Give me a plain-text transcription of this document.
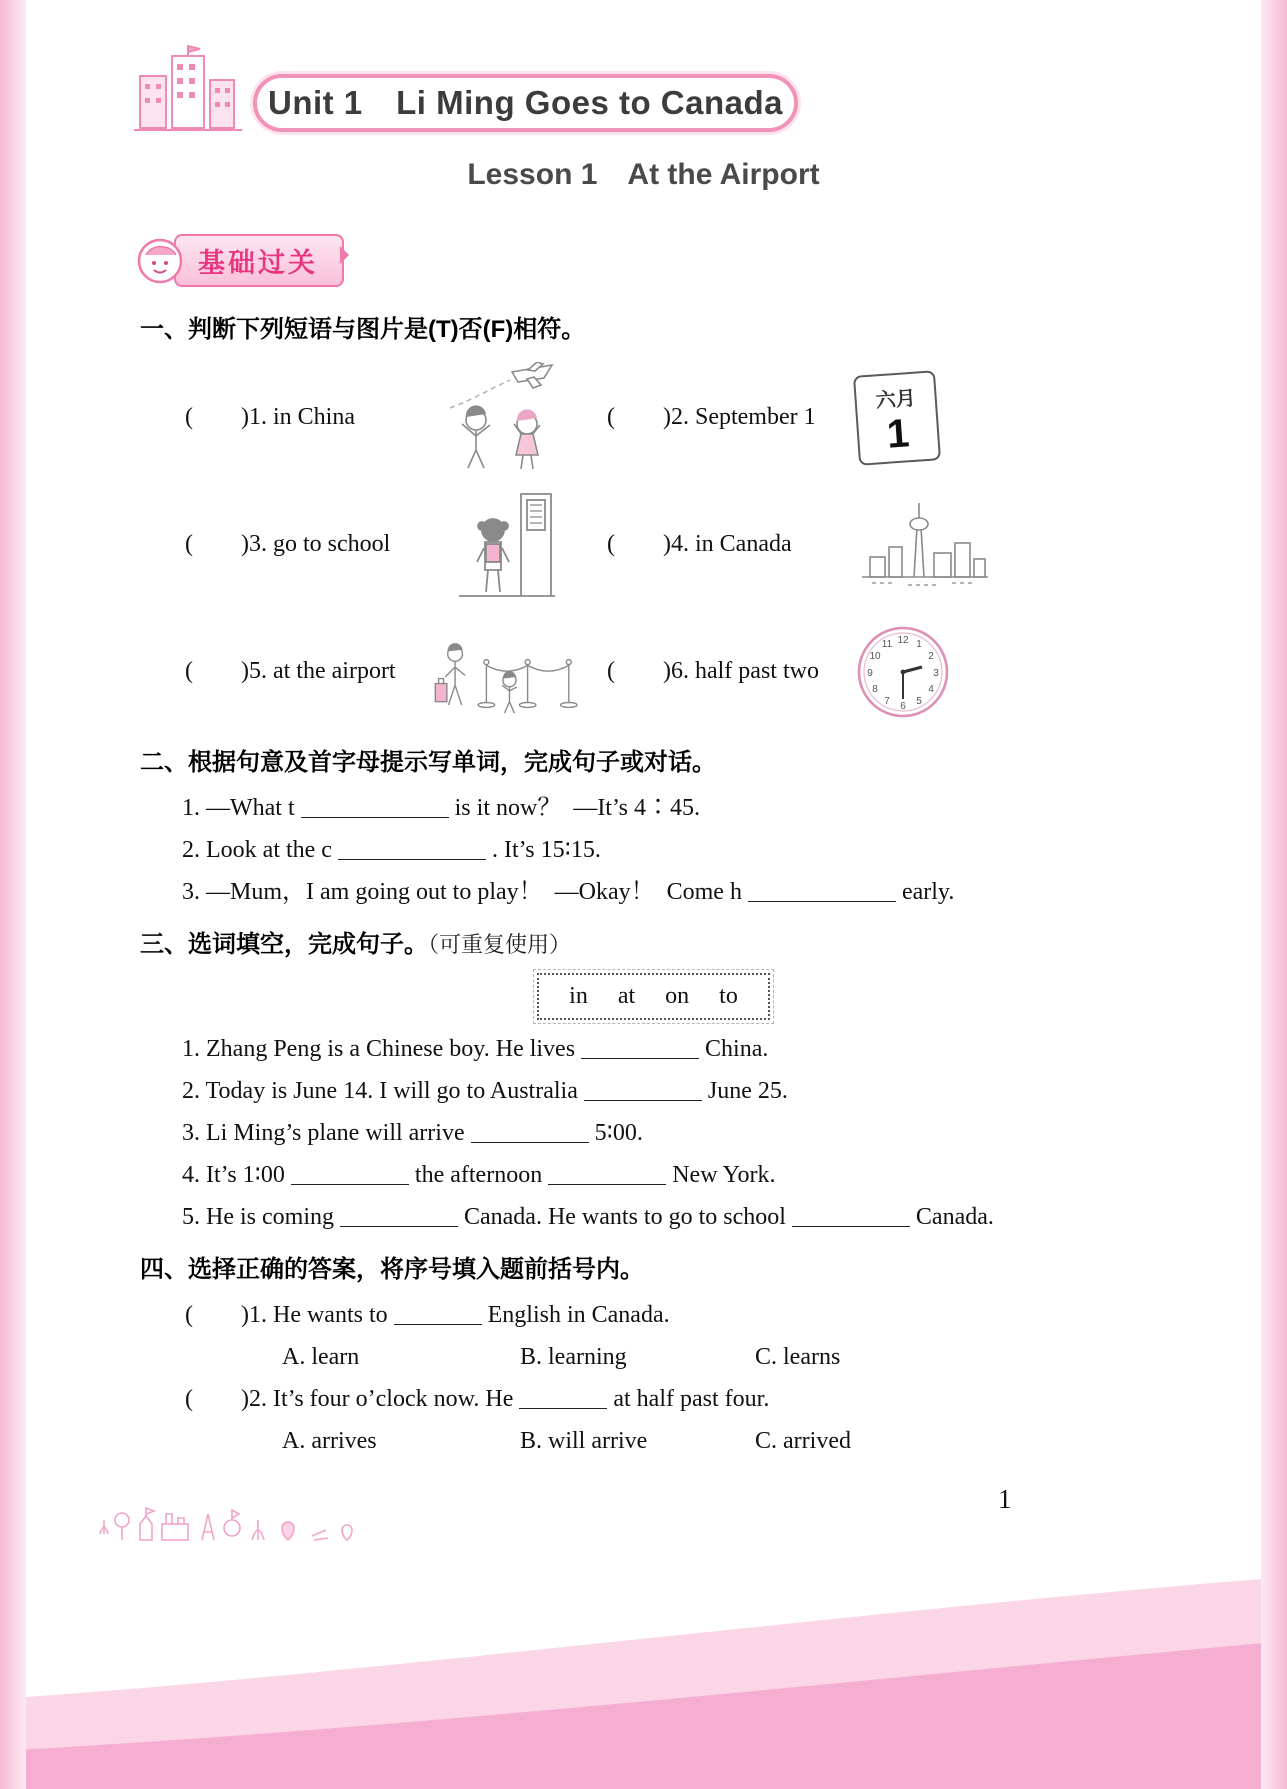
Unit 1 Li Ming Goes to Canada
Lesson 1 At the Airport
基础过关
一、判断下列短语与图片是(T)否(F)相符。
(  )1. in China	(  )2. September 1
六月
1
(  )3. go to school	(  )4. in Canada
(  )5. at the airport	(  )6. half past two
12 1
2
3
4
5
6
7
8
9
10
11
二、根据句意及首字母提示写单词，完成句子或对话。
1. —What t	is it now？ —It’s 4∶45.
2. Look at the c	. It’s 15∶15.
3. —Mum，I am going out to play！ —Okay！ Come h	early.
三、选词填空，完成句子。（可重复使用）
in at on to
1. Zhang Peng is a Chinese boy. He lives	China.
2. Today is June 14. I will go to Australia	June 25.
3. Li Ming’s plane will arrive	5∶00.
4. It’s 1∶00	the afternoon	New York.
5. He is coming	Canada. He wants to go to school	Canada.
四、选择正确的答案，将序号填入题前括号内。
(  )1. He wants to	English in Canada.
A. learn	B. learning	C. learns
(  )2. It’s four o’clock now. He	at half past four.
A. arrives	B. will arrive	C. arrived
1
